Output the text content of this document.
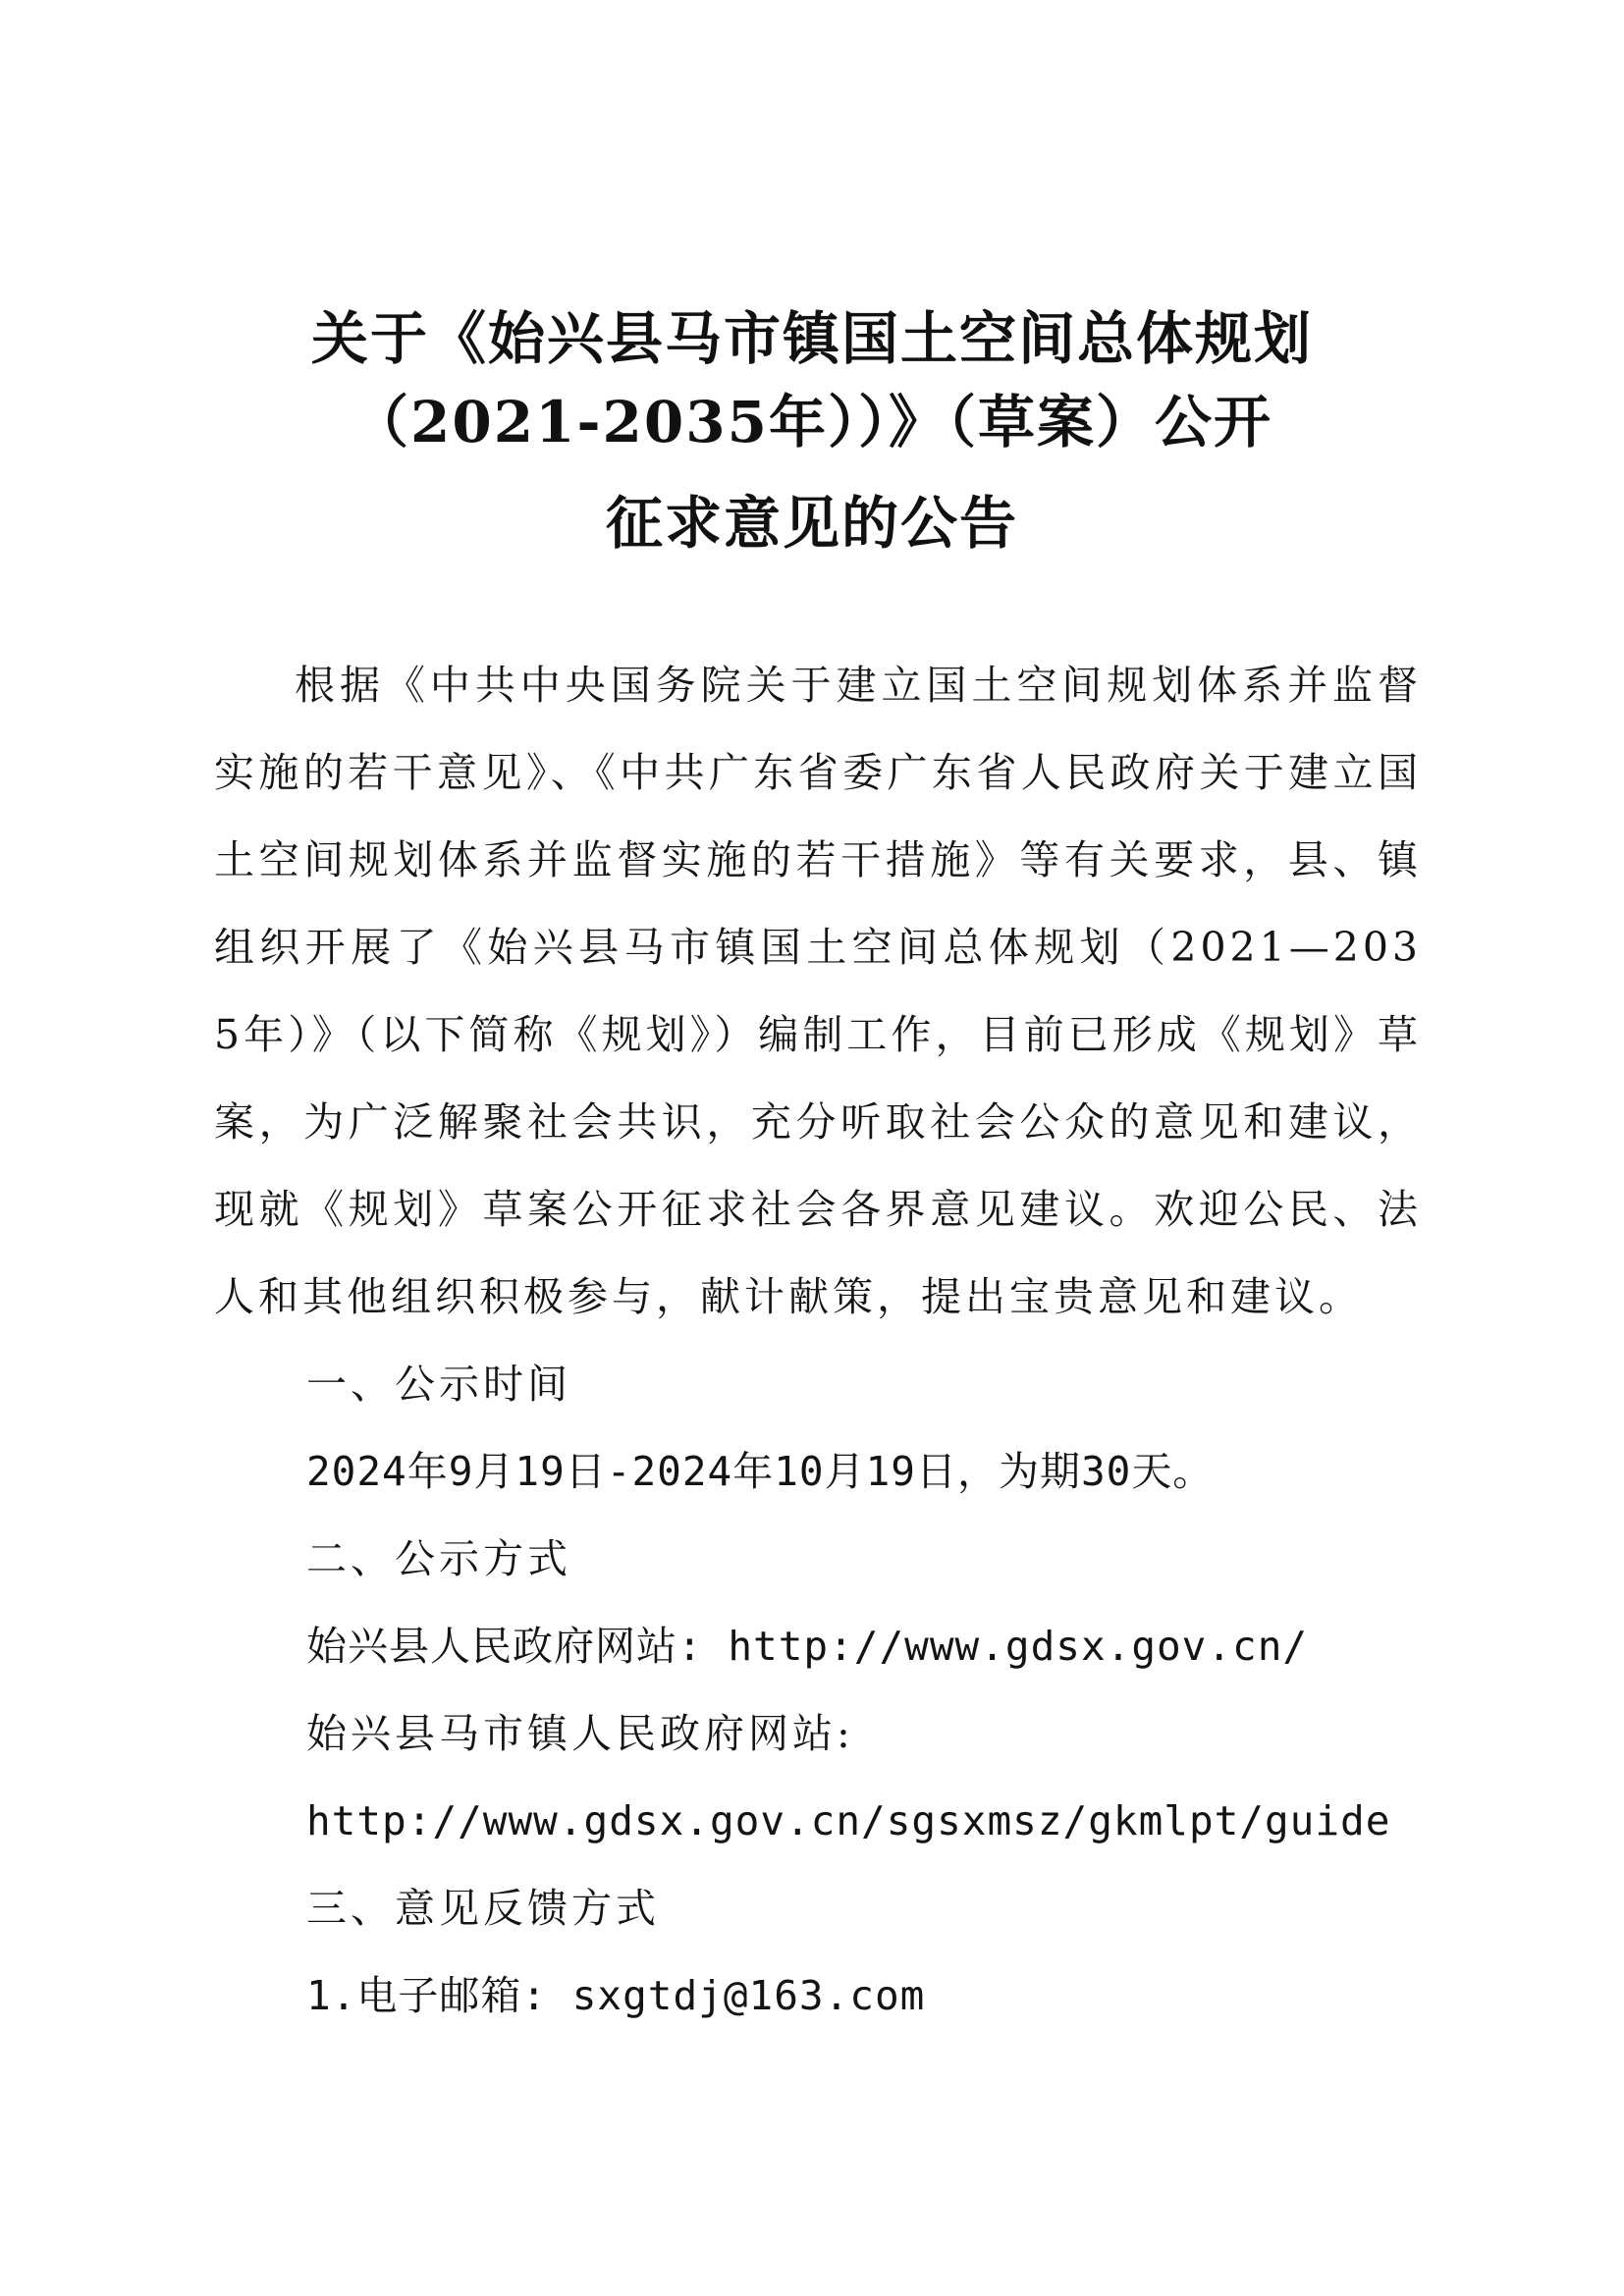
关于《始兴县马市镇国土空间总体规划
（2021-2035年））》（草案）公开
征求意见的公告

根据《中共中央国务院关于建立国土空间规划体系并监督实施的若干意见》、《中共广东省委广东省人民政府关于建立国土空间规划体系并监督实施的若干措施》等有关要求，县、镇组织开展了《始兴县马市镇国土空间总体规划（2021—2035年）》（以下简称《规划》）编制工作，目前已形成《规划》草案，为广泛解聚社会共识，充分听取社会公众的意见和建议，现就《规划》草案公开征求社会各界意见建议。欢迎公民、法人和其他组织积极参与，献计献策，提出宝贵意见和建议。

一、公示时间

2024年9月19日-2024年10月19日，为期30天。

二、公示方式

始兴县人民政府网站: http://www.gdsx.gov.cn/

始兴县马市镇人民政府网站:

http://www.gdsx.gov.cn/sgsxmsz/gkmlpt/guide

三、意见反馈方式

1.电子邮箱: sxgtdj@163.com
